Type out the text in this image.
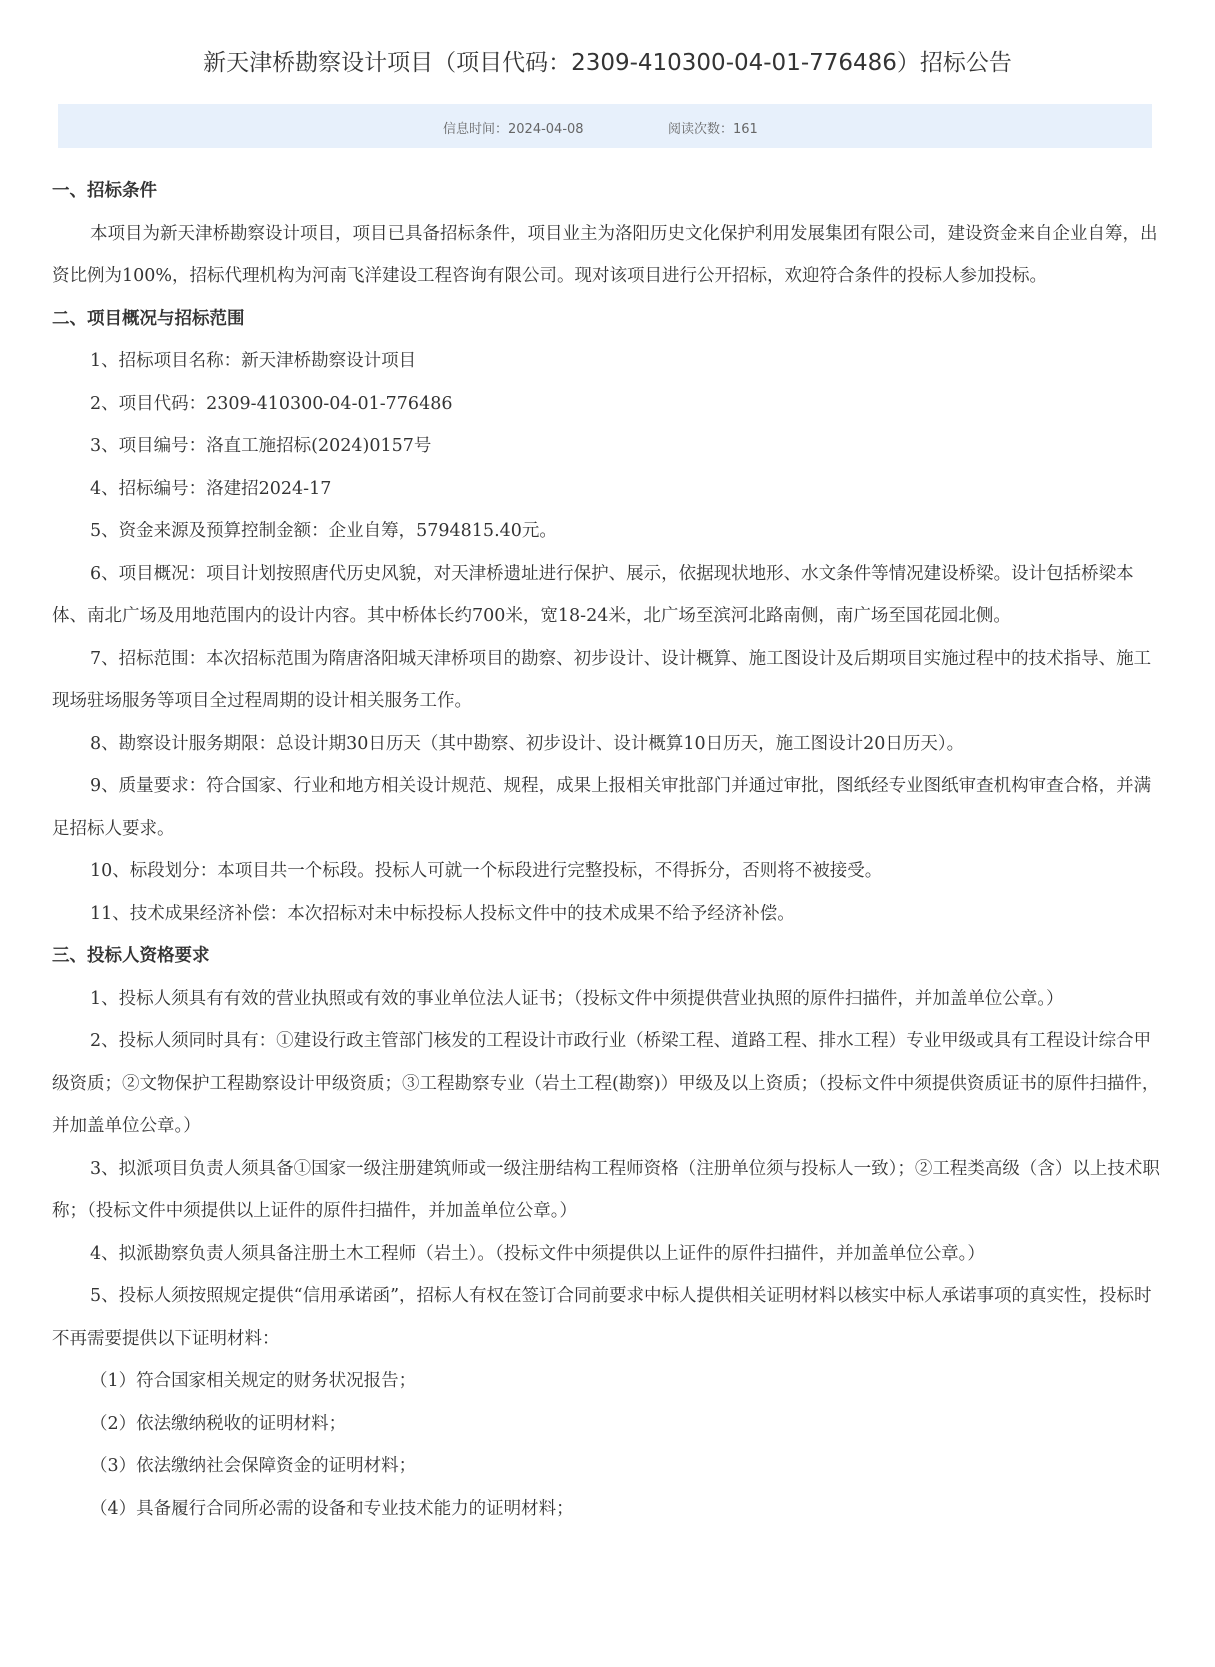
新天津桥勘察设计项目（项目代码：2309-410300-04-01-776486）招标公告
信息时间：2024-04-08	阅读次数：161

一、招标条件

本项目为新天津桥勘察设计项目，项目已具备招标条件，项目业主为洛阳历史文化保护利用发展集团有限公司，建设资金来自企业自筹，出资比例为100%，招标代理机构为河南飞洋建设工程咨询有限公司。现对该项目进行公开招标，欢迎符合条件的投标人参加投标。

二、项目概况与招标范围

1、招标项目名称：新天津桥勘察设计项目

2、项目代码：2309-410300-04-01-776486

3、项目编号：洛直工施招标(2024)0157号

4、招标编号：洛建招2024-17

5、资金来源及预算控制金额：企业自筹，5794815.40元。

6、项目概况：项目计划按照唐代历史风貌，对天津桥遗址进行保护、展示，依据现状地形、水文条件等情况建设桥梁。设计包括桥梁本体、南北广场及用地范围内的设计内容。其中桥体长约700米，宽18-24米，北广场至滨河北路南侧，南广场至国花园北侧。

7、招标范围：本次招标范围为隋唐洛阳城天津桥项目的勘察、初步设计、设计概算、施工图设计及后期项目实施过程中的技术指导、施工现场驻场服务等项目全过程周期的设计相关服务工作。

8、勘察设计服务期限：总设计期30日历天（其中勘察、初步设计、设计概算10日历天，施工图设计20日历天）。

9、质量要求：符合国家、行业和地方相关设计规范、规程，成果上报相关审批部门并通过审批，图纸经专业图纸审查机构审查合格，并满足招标人要求。

10、标段划分：本项目共一个标段。投标人可就一个标段进行完整投标，不得拆分，否则将不被接受。

11、技术成果经济补偿：本次招标对未中标投标人投标文件中的技术成果不给予经济补偿。

三、投标人资格要求

1、投标人须具有有效的营业执照或有效的事业单位法人证书；（投标文件中须提供营业执照的原件扫描件，并加盖单位公章。）

2、投标人须同时具有：①建设行政主管部门核发的工程设计市政行业（桥梁工程、道路工程、排水工程）专业甲级或具有工程设计综合甲级资质；②文物保护工程勘察设计甲级资质；③工程勘察专业（岩土工程(勘察)）甲级及以上资质；（投标文件中须提供资质证书的原件扫描件，并加盖单位公章。）

3、拟派项目负责人须具备①国家一级注册建筑师或一级注册结构工程师资格（注册单位须与投标人一致）；②工程类高级（含）以上技术职称；（投标文件中须提供以上证件的原件扫描件，并加盖单位公章。）

4、拟派勘察负责人须具备注册土木工程师（岩土）。（投标文件中须提供以上证件的原件扫描件，并加盖单位公章。）

5、投标人须按照规定提供“信用承诺函”，招标人有权在签订合同前要求中标人提供相关证明材料以核实中标人承诺事项的真实性，投标时不再需要提供以下证明材料：

（1）符合国家相关规定的财务状况报告；

（2）依法缴纳税收的证明材料；

（3）依法缴纳社会保障资金的证明材料；

（4）具备履行合同所必需的设备和专业技术能力的证明材料；
